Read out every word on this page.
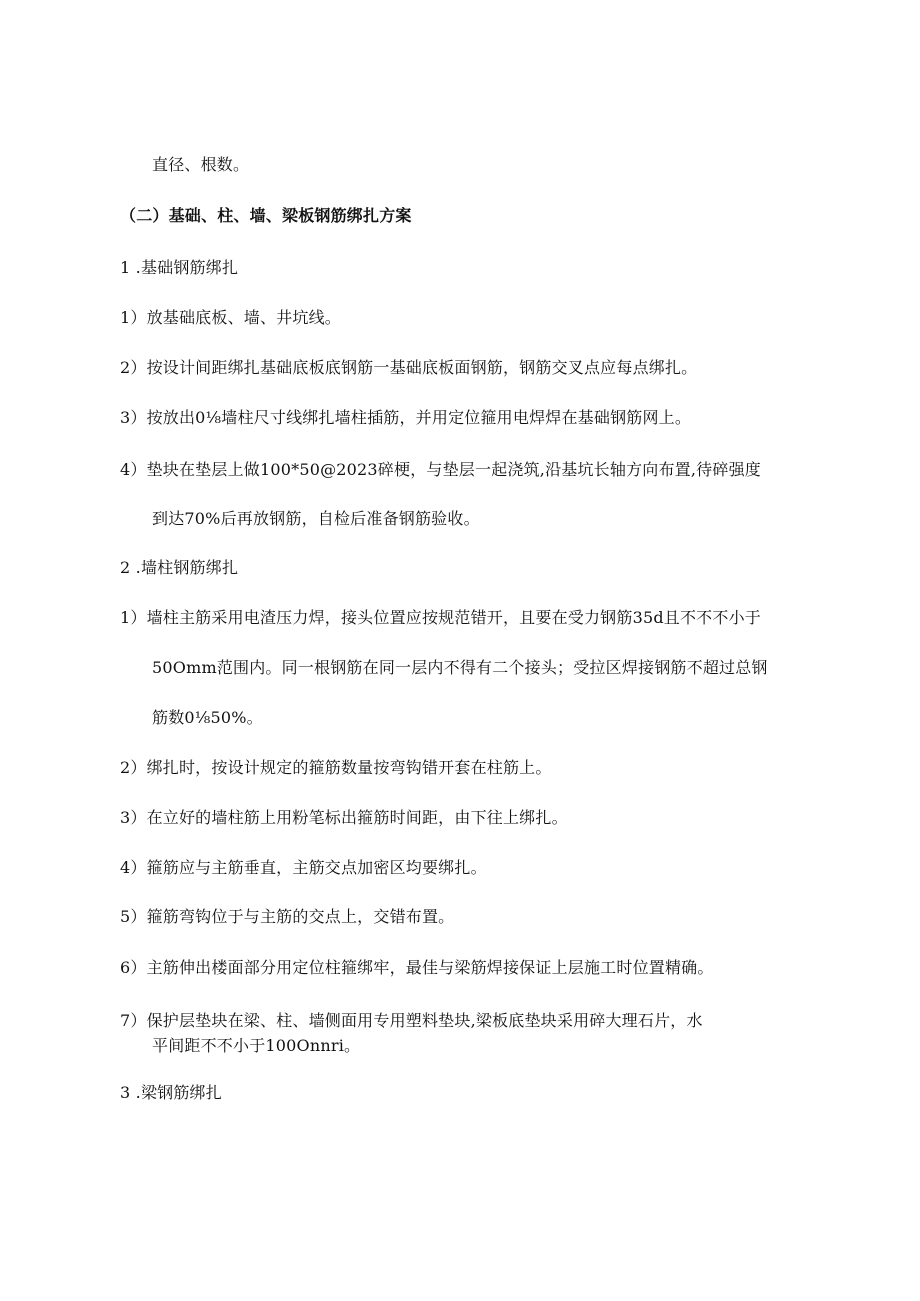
直径、根数。
（二）基础、柱、墙、梁板钢筋绑扎方案
1 .基础钢筋绑扎
1）放基础底板、墙、井坑线。
2）按设计间距绑扎基础底板底钢筋一基础底板面钢筋，钢筋交叉点应每点绑扎。
3）按放出0⅛墙柱尺寸线绑扎墙柱插筋，并用定位箍用电焊焊在基础钢筋网上。
4）垫块在垫层上做100*50@2023碎梗，与垫层一起浇筑,沿基坑长轴方向布置,待碎强度
到达70%后再放钢筋，自检后准备钢筋验收。
2 .墙柱钢筋绑扎
1）墙柱主筋采用电渣压力焊，接头位置应按规范错开，且要在受力钢筋35d且不不不小于
50Omm范围内。同一根钢筋在同一层内不得有二个接头；受拉区焊接钢筋不超过总钢
筋数0⅛50%。
2）绑扎时，按设计规定的箍筋数量按弯钩错开套在柱筋上。
3）在立好的墙柱筋上用粉笔标出箍筋时间距，由下往上绑扎。
4）箍筋应与主筋垂直，主筋交点加密区均要绑扎。
5）箍筋弯钩位于与主筋的交点上，交错布置。
6）主筋伸出楼面部分用定位柱箍绑牢，最佳与梁筋焊接保证上层施工时位置精确。
7）保护层垫块在梁、柱、墙侧面用专用塑料垫块,梁板底垫块采用碎大理石片，水
平间距不不小于100Onnri。
3 .梁钢筋绑扎
